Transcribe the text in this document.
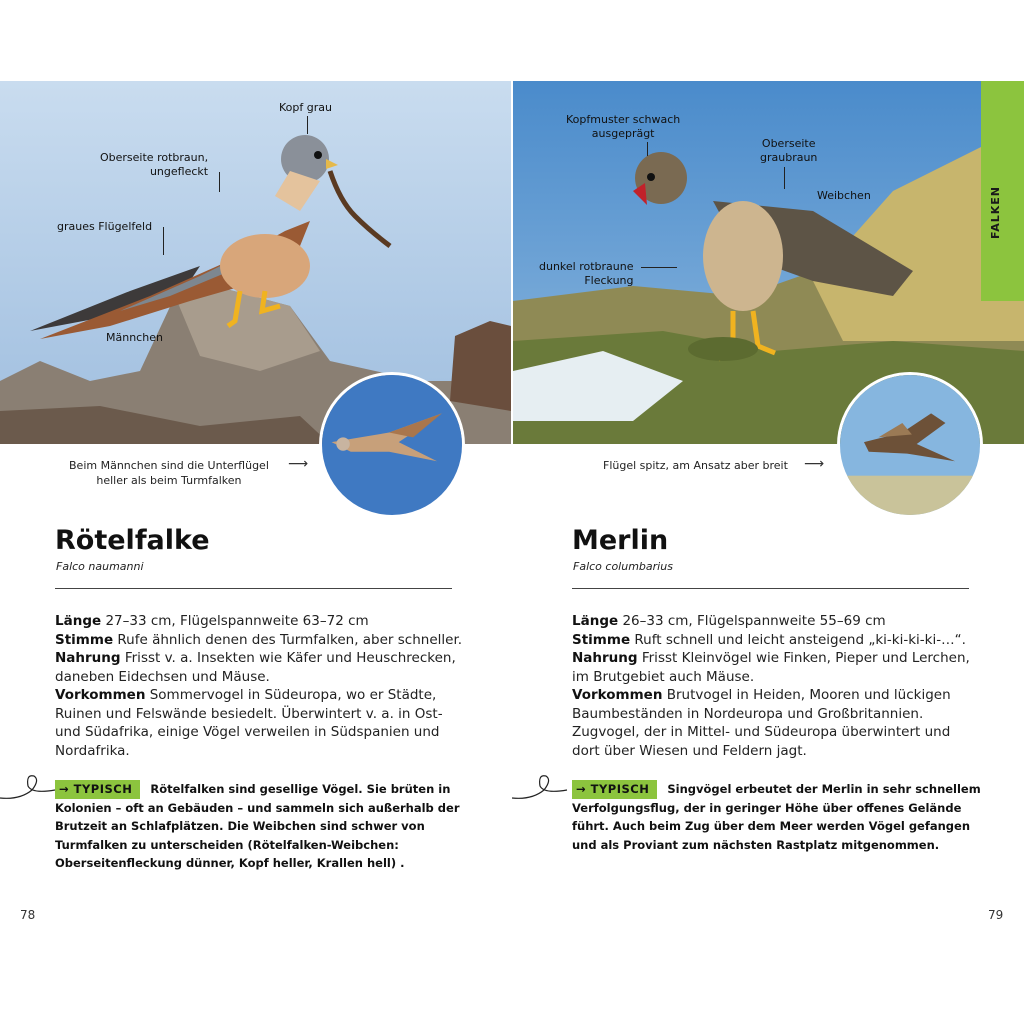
FALKEN
Kopf grau
Oberseite rotbraun,
ungefleckt
graues Flügelfeld
Männchen
Kopfmuster schwach
ausgeprägt
Oberseite
graubraun
Weibchen
dunkel rotbraune
Fleckung
Beim Männchen sind die Unterflügel
heller als beim Turmfalken
⟶	Flügel spitz, am Ansatz aber breit ⟶
Rötelfalke
Falco naumanni

Länge 27–33 cm, Flügelspannweite 63–72 cm

Stimme Rufe ähnlich denen des Turmfalken, aber schneller.

Nahrung Frisst v. a. Insekten wie Käfer und Heuschrecken, daneben Eidechsen und Mäuse.

Vorkommen Sommervogel in Südeuropa, wo er Städte, Ruinen und Felswände besiedelt. Überwintert v. a. in Ost- und Südafrika, einige Vögel verweilen in Südspanien und Nordafrika.

→ TYPISCH Rötelfalken sind gesellige Vögel. Sie brüten in Kolonien – oft an Gebäuden – und sammeln sich außerhalb der Brutzeit an Schlafplätzen. Die Weibchen sind schwer von Turmfalken zu unterscheiden (Rötelfalken-Weibchen: Oberseitenfleckung dünner, Kopf heller, Krallen hell) .
Merlin
Falco columbarius

Länge 26–33 cm, Flügelspannweite 55–69 cm

Stimme Ruft schnell und leicht ansteigend „ki-ki-ki-ki-…“.

Nahrung Frisst Kleinvögel wie Finken, Pieper und Lerchen, im Brutgebiet auch Mäuse.

Vorkommen Brutvogel in Heiden, Mooren und lückigen Baumbeständen in Nordeuropa und Großbritannien. Zugvogel, der in Mittel- und Südeuropa überwintert und dort über Wiesen und Feldern jagt.

→ TYPISCH Singvögel erbeutet der Merlin in sehr schnellem Verfolgungsflug, der in geringer Höhe über offenes Gelände führt. Auch beim Zug über dem Meer werden Vögel gefangen und als Proviant zum nächsten Rastplatz mitgenommen.
78	79
